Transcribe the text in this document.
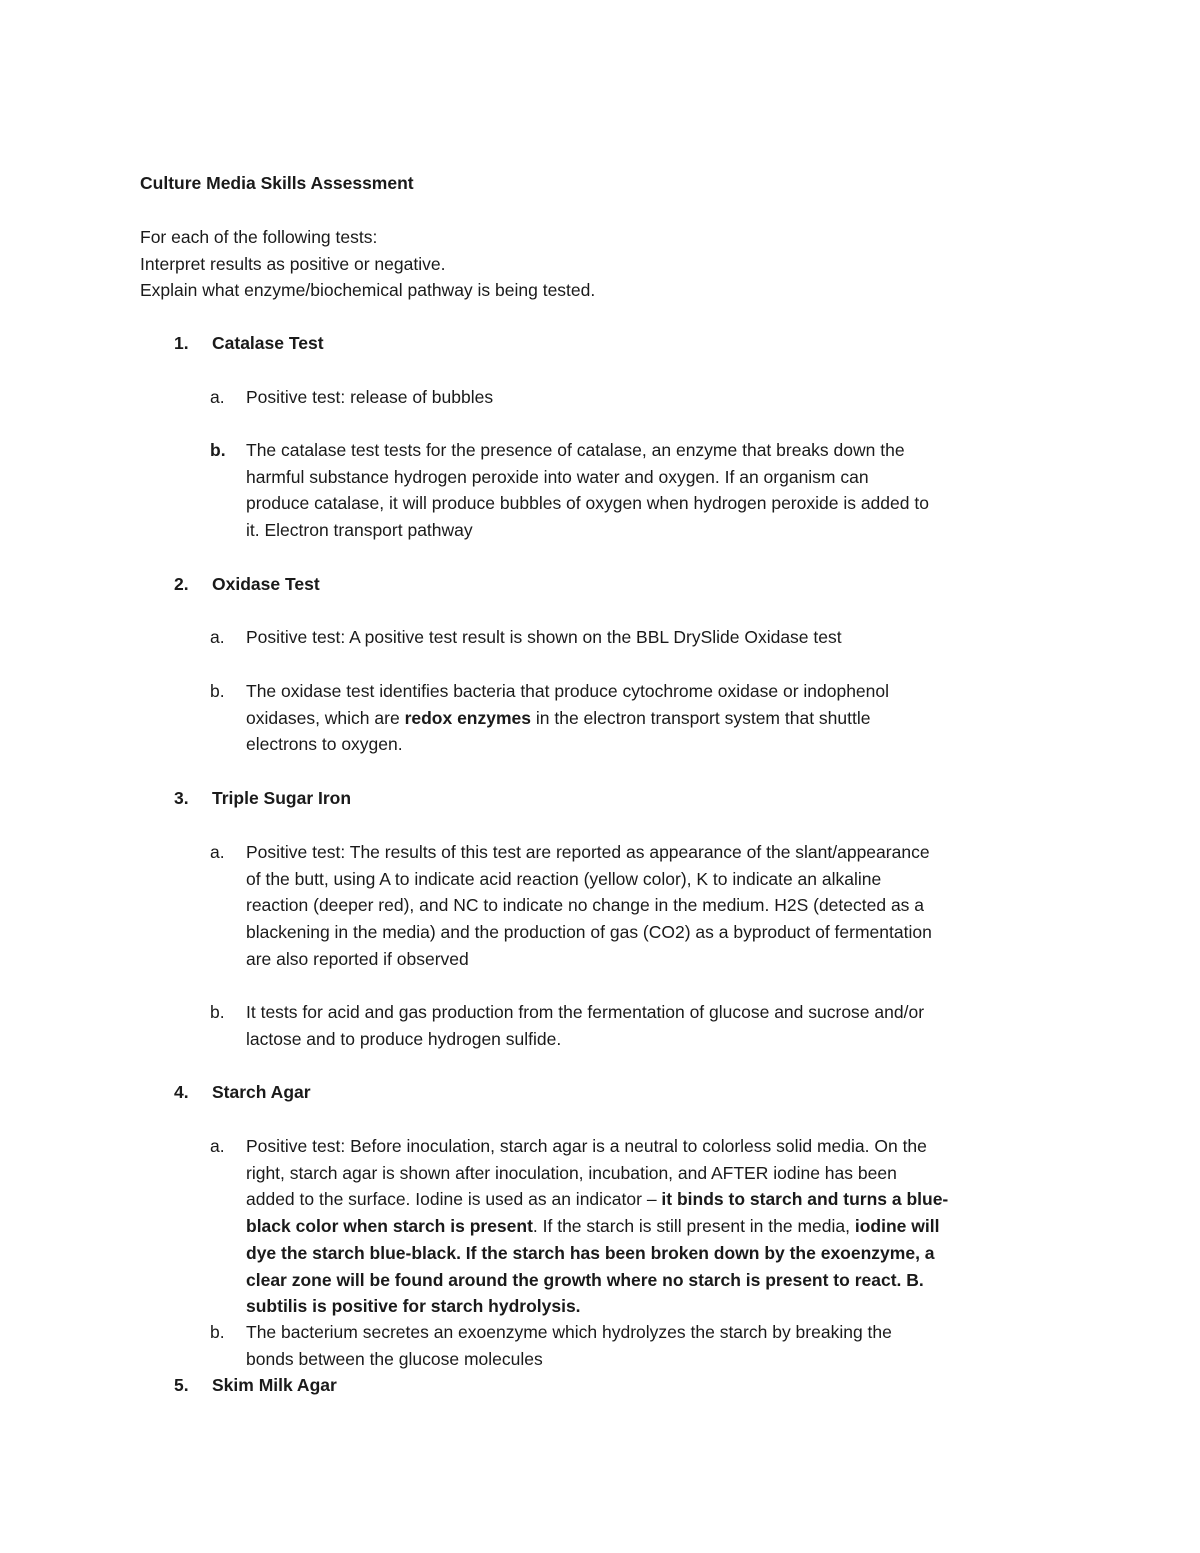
Culture Media Skills Assessment
For each of the following tests:
Interpret results as positive or negative.
Explain what enzyme/biochemical pathway is being tested.
1. Catalase Test
a. Positive test: release of bubbles
b. The catalase test tests for the presence of catalase, an enzyme that breaks down the
harmful substance hydrogen peroxide into water and oxygen. If an organism can
produce catalase, it will produce bubbles of oxygen when hydrogen peroxide is added to
it. Electron transport pathway
2. Oxidase Test
a. Positive test: A positive test result is shown on the BBL DrySlide Oxidase test
b. The oxidase test identifies bacteria that produce cytochrome oxidase or indophenol
oxidases, which are redox enzymes in the electron transport system that shuttle
electrons to oxygen.
3. Triple Sugar Iron
a. Positive test: The results of this test are reported as appearance of the slant/appearance
of the butt, using A to indicate acid reaction (yellow color), K to indicate an alkaline
reaction (deeper red), and NC to indicate no change in the medium. H2S (detected as a
blackening in the media) and the production of gas (CO2) as a byproduct of fermentation
are also reported if observed
b. It tests for acid and gas production from the fermentation of glucose and sucrose and/or
lactose and to produce hydrogen sulfide.
4. Starch Agar
a. Positive test: Before inoculation, starch agar is a neutral to colorless solid media. On the
right, starch agar is shown after inoculation, incubation, and AFTER iodine has been
added to the surface. Iodine is used as an indicator – it binds to starch and turns a blue-
black color when starch is present. If the starch is still present in the media, iodine will
dye the starch blue-black. If the starch has been broken down by the exoenzyme, a
clear zone will be found around the growth where no starch is present to react. B.
subtilis is positive for starch hydrolysis.
b. The bacterium secretes an exoenzyme which hydrolyzes the starch by breaking the
bonds between the glucose molecules
5. Skim Milk Agar
